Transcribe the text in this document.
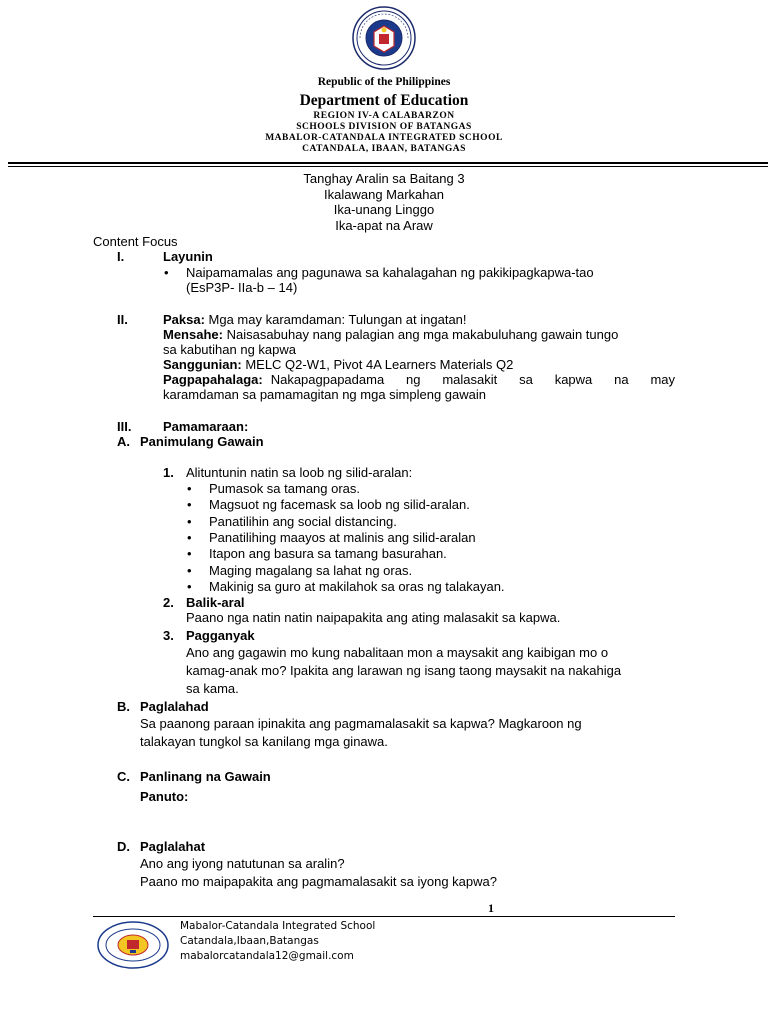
Republic of the Philippines
Department of Education
REGION IV-A CALABARZON
SCHOOLS DIVISION OF BATANGAS
MABALOR-CATANDALA INTEGRATED SCHOOL
CATANDALA, IBAAN, BATANGAS
Tanghay Aralin sa Baitang 3
Ikalawang Markahan
Ika-unang Linggo
Ika-apat na Araw
Content Focus
I.	Layunin
• Naipamamalas ang pagunawa sa kahalagahan ng pakikipagkapwa-tao
(EsP3P- IIa-b – 14)
II.	Paksa: Mga may karamdaman: Tulungan at ingatan!
Mensahe: Naisasabuhay nang palagian ang mga makabuluhang gawain tungo
sa kabutihan ng kapwa
Sanggunian: MELC Q2-W1, Pivot 4A Learners Materials Q2
Pagpapahalaga: Nakapagpapadama ng malasakit sa kapwa na may
karamdaman sa pamamagitan ng mga simpleng gawain
III. Pamamaraan:
A. Panimulang Gawain
1. Alituntunin natin sa loob ng silid-aralan:
• Pumasok sa tamang oras.
• Magsuot ng facemask sa loob ng silid-aralan.
• Panatilihin ang social distancing.
• Panatilihing maayos at malinis ang silid-aralan
• Itapon ang basura sa tamang basurahan.
• Maging magalang sa lahat ng oras.
• Makinig sa guro at makilahok sa oras ng talakayan.
2. Balik-aral
Paano nga natin natin naipapakita ang ating malasakit sa kapwa.
3. Pagganyak
Ano ang gagawin mo kung nabalitaan mon a maysakit ang kaibigan mo o
kamag-anak mo? Ipakita ang larawan ng isang taong maysakit na nakahiga
sa kama.
B. Paglalahad
Sa paanong paraan ipinakita ang pagmamalasakit sa kapwa? Magkaroon ng
talakayan tungkol sa kanilang mga ginawa.
C. Panlinang na Gawain
Panuto:
D. Paglalahat
Ano ang iyong natutunan sa aralin?
Paano mo maipapakita ang pagmamalasakit sa iyong kapwa?
1
Mabalor-Catandala Integrated School
Catandala,Ibaan,Batangas
mabalorcatandala12@gmail.com
